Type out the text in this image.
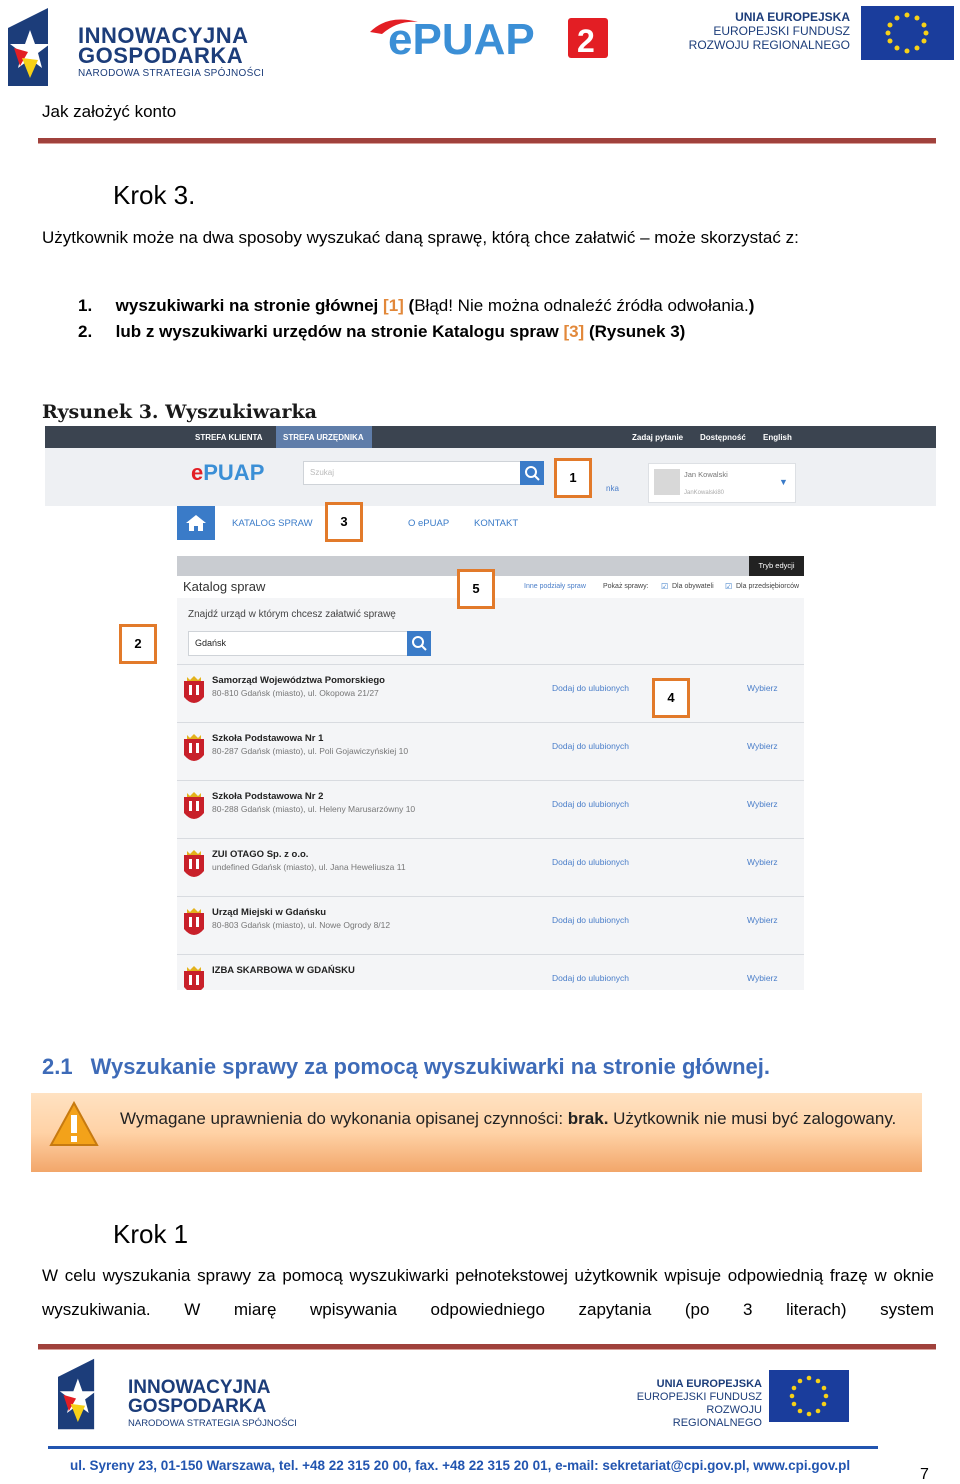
INNOWACYJNA
GOSPODARKA
NARODOWA STRATEGIA SPÓJNOŚCI
ePUAP 2
UNIA EUROPEJSKA
EUROPEJSKI FUNDUSZ
ROZWOJU REGIONALNEGO
Jak założyć konto
Krok 3.
Użytkownik może na dwa sposoby wyszukać daną sprawę, którą chce załatwić – może skorzystać z:
1. wyszukiwarki na stronie głównej [1] (Błąd! Nie można odnaleźć źródła odwołania.)
2. lub z wyszukiwarki urzędów na stronie Katalogu spraw [3] (Rysunek 3)
Rysunek 3. Wyszukiwarka
STREFA KLIENTA	STREFA URZĘDNIKA	Zadaj pytanie Dostępność English
ePUAP	Szukaj
nka
Jan Kowalski
JanKowalski80
▼
KATALOG SPRAW	O ePUAP	KONTAKT
Tryb edycji
Katalog spraw	Inne podziały spraw Pokaż sprawy: ☑ Dla obywateli ☑ Dla przedsiębiorców
Znajdź urząd w którym chcesz załatwić sprawę
Gdańsk
Samorząd Województwa Pomorskiego
80-810 Gdańsk (miasto), ul. Okopowa 21/27	Dodaj do ulubionych	Wybierz
Szkoła Podstawowa Nr 1
80-287 Gdańsk (miasto), ul. Poli Gojawiczyńskiej 10	Dodaj do ulubionych	Wybierz
Szkoła Podstawowa Nr 2
80-288 Gdańsk (miasto), ul. Heleny Marusarzówny 10	Dodaj do ulubionych	Wybierz
ZUI OTAGO Sp. z o.o.
undefined Gdańsk (miasto), ul. Jana Heweliusza 11	Dodaj do ulubionych	Wybierz
Urząd Miejski w Gdańsku
80-803 Gdańsk (miasto), ul. Nowe Ogrody 8/12	Dodaj do ulubionych	Wybierz
IZBA SKARBOWA W GDAŃSKU
Dodaj do ulubionych	Wybierz
1
3
5
2
4
2.1 Wyszukanie sprawy za pomocą wyszukiwarki na stronie głównej.
Wymagane uprawnienia do wykonania opisanej czynności: brak. Użytkownik nie musi być zalogowany.
Krok 1
W celu wyszukania sprawy za pomocą wyszukiwarki pełnotekstowej użytkownik wpisuje odpowiednią frazę w oknie wyszukiwania. W miarę wpisywania odpowiedniego zapytania (po 3 literach) system
INNOWACYJNA
GOSPODARKA
NARODOWA STRATEGIA SPÓJNOŚCI
UNIA EUROPEJSKA
EUROPEJSKI FUNDUSZ
ROZWOJU REGIONALNEGO
ul. Syreny 23, 01-150 Warszawa, tel. +48 22 315 20 00, fax. +48 22 315 20 01, e-mail: sekretariat@cpi.gov.pl, www.cpi.gov.pl
7
